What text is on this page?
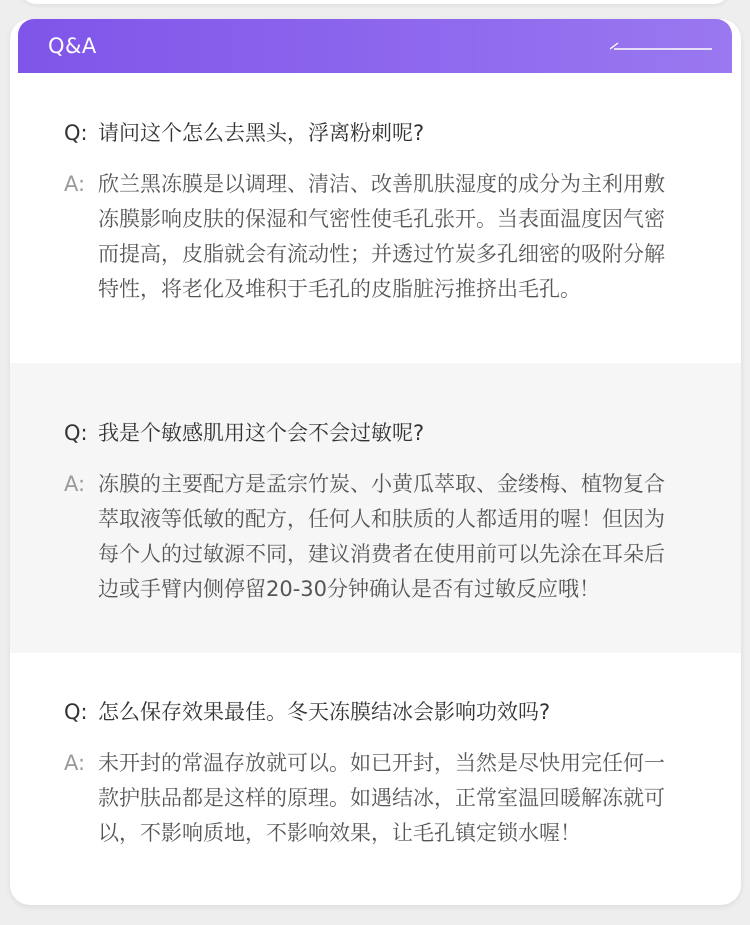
Q&A
Q: 请问这个怎么去黑头，浮离粉刺呢?
A: 欣兰黑冻膜是以调理、清洁、改善肌肤湿度的成分为主利用敷冻膜影响皮肤的保湿和气密性使毛孔张开。当表面温度因气密而提高，皮脂就会有流动性；并透过竹炭多孔细密的吸附分解特性，将老化及堆积于毛孔的皮脂脏污推挤出毛孔。
Q: 我是个敏感肌用这个会不会过敏呢?
A: 冻膜的主要配方是孟宗竹炭、小黄瓜萃取、金缕梅、植物复合萃取液等低敏的配方，任何人和肤质的人都适用的喔！但因为每个人的过敏源不同，建议消费者在使用前可以先涂在耳朵后边或手臂内侧停留20-30分钟确认是否有过敏反应哦！
Q: 怎么保存效果最佳。冬天冻膜结冰会影响功效吗?
A: 未开封的常温存放就可以。如已开封，当然是尽快用完任何一款护肤品都是这样的原理。如遇结冰，正常室温回暖解冻就可以，不影响质地，不影响效果，让毛孔镇定锁水喔！
